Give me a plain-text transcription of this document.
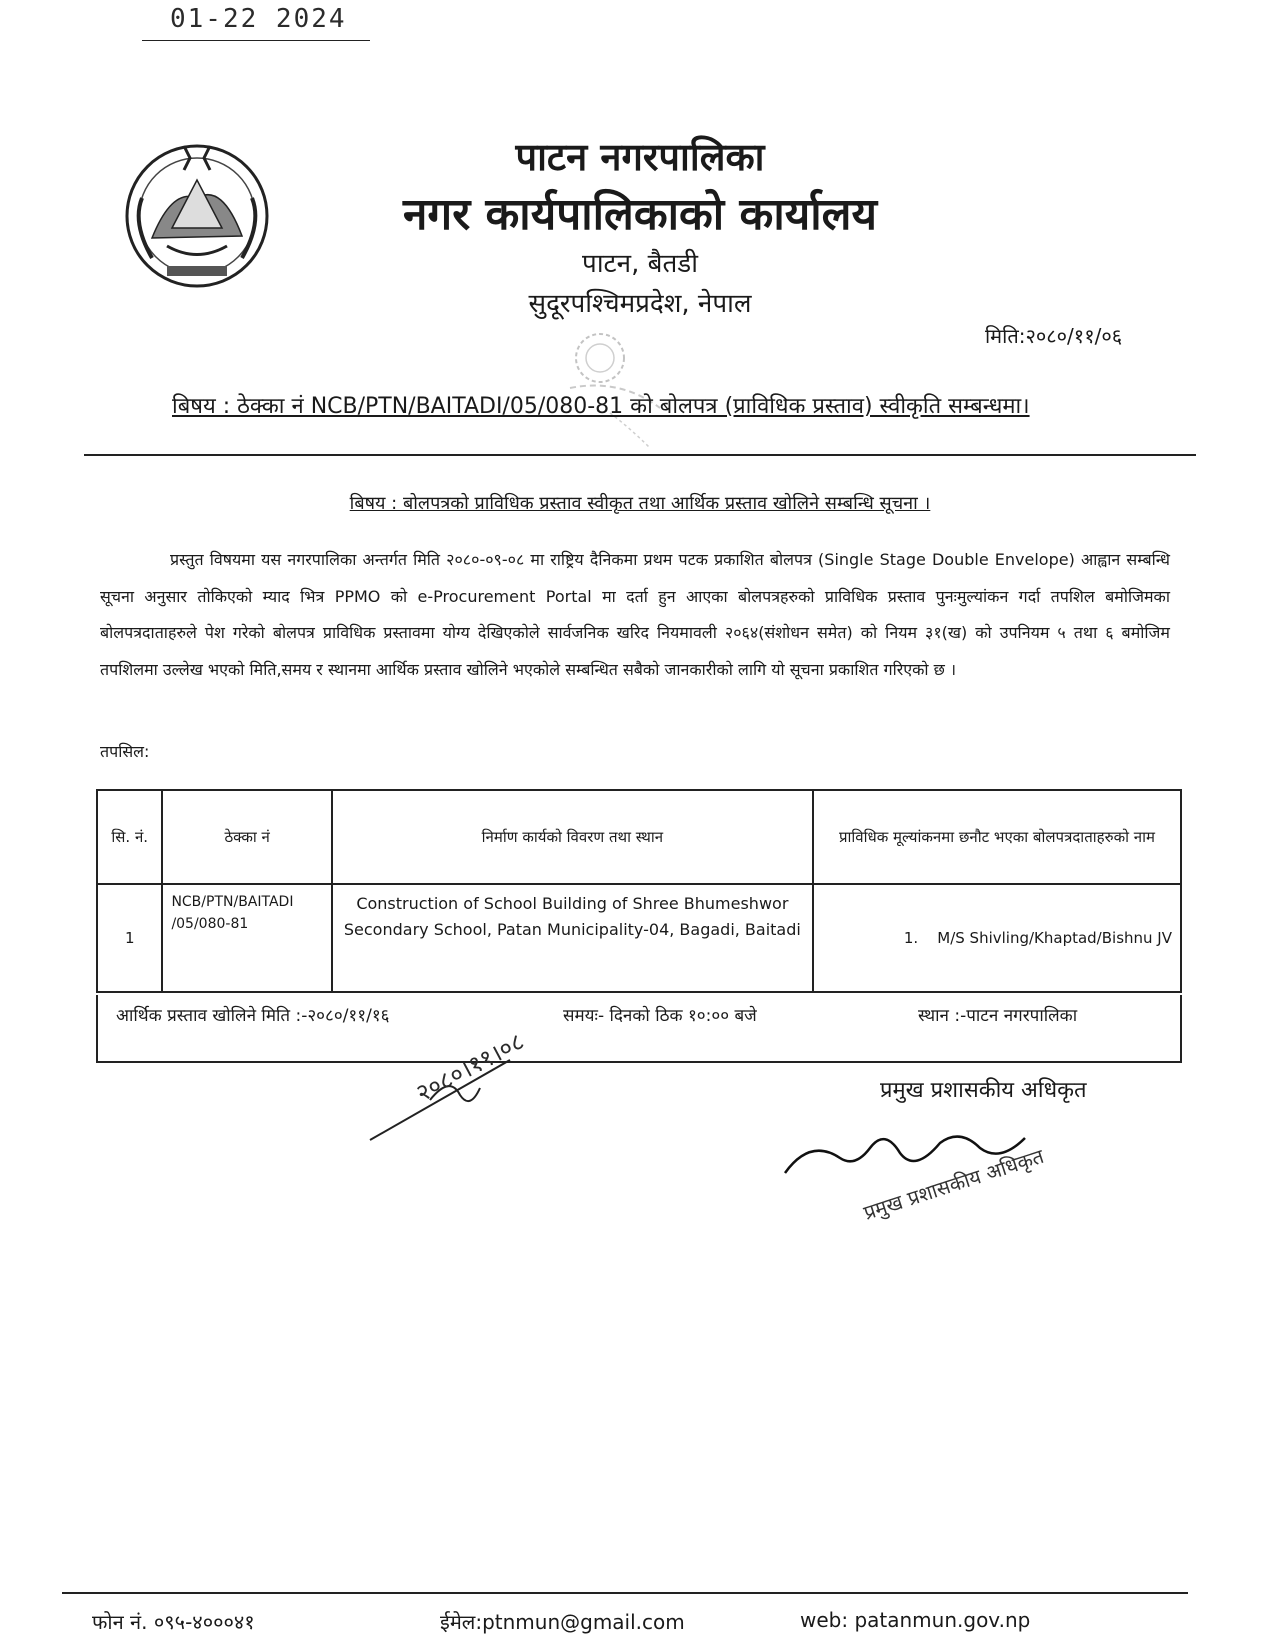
01-22 2024
पाटन नगरपालिका
नगर कार्यपालिकाको कार्यालय
पाटन, बैतडी
सुदूरपश्चिमप्रदेश, नेपाल
मिति:२०८०/११/०६
बिषय : ठेक्का नं NCB/PTN/BAITADI/05/080-81 को बोलपत्र (प्राविधिक प्रस्ताव) स्वीकृति सम्बन्धमा।
बिषय : बोलपत्रको प्राविधिक प्रस्ताव स्वीकृत तथा आर्थिक प्रस्ताव खोलिने सम्बन्धि सूचना ।
प्रस्तुत विषयमा यस नगरपालिका अन्तर्गत मिति २०८०-०९-०८ मा राष्ट्रिय दैनिकमा प्रथम पटक प्रकाशित बोलपत्र (Single Stage Double Envelope) आह्वान सम्बन्धि सूचना अनुसार तोकिएको म्याद भित्र PPMO को e-Procurement Portal मा दर्ता हुन आएका बोलपत्रहरुको प्राविधिक प्रस्ताव पुनःमुल्यांकन गर्दा तपशिल बमोजिमका बोलपत्रदाताहरुले पेश गरेको बोलपत्र प्राविधिक प्रस्तावमा योग्य देखिएकोले सार्वजनिक खरिद नियमावली २०६४(संशोधन समेत) को नियम ३१(ख) को उपनियम ५ तथा ६ बमोजिम तपशिलमा उल्लेख भएको मिति,समय र स्थानमा आर्थिक प्रस्ताव खोलिने भएकोले सम्बन्धित सबैको जानकारीको लागि यो सूचना प्रकाशित गरिएको छ ।
तपसिल:
सि. नं.	ठेक्का नं	निर्माण कार्यको विवरण तथा स्थान	प्राविधिक मूल्यांकनमा छनौट भएका बोलपत्रदाताहरुको नाम
1	NCB/PTN/BAITADI /05/080-81	Construction of School Building of Shree Bhumeshwor Secondary School, Patan Municipality-04, Bagadi, Baitadi	1.    M/S Shivling/Khaptad/Bishnu JV
आर्थिक प्रस्ताव खोलिने मिति :-२०८०/११/१६	समयः- दिनको ठिक १०:०० बजे	स्थान :-पाटन नगरपालिका
प्रमुख प्रशासकीय अधिकृत
२०८०।११।०८
प्रमुख प्रशासकीय अधिकृत
फोन नं. ०९५-४०००४१	ईमेल:ptnmun@gmail.com	web: patanmun.gov.np
